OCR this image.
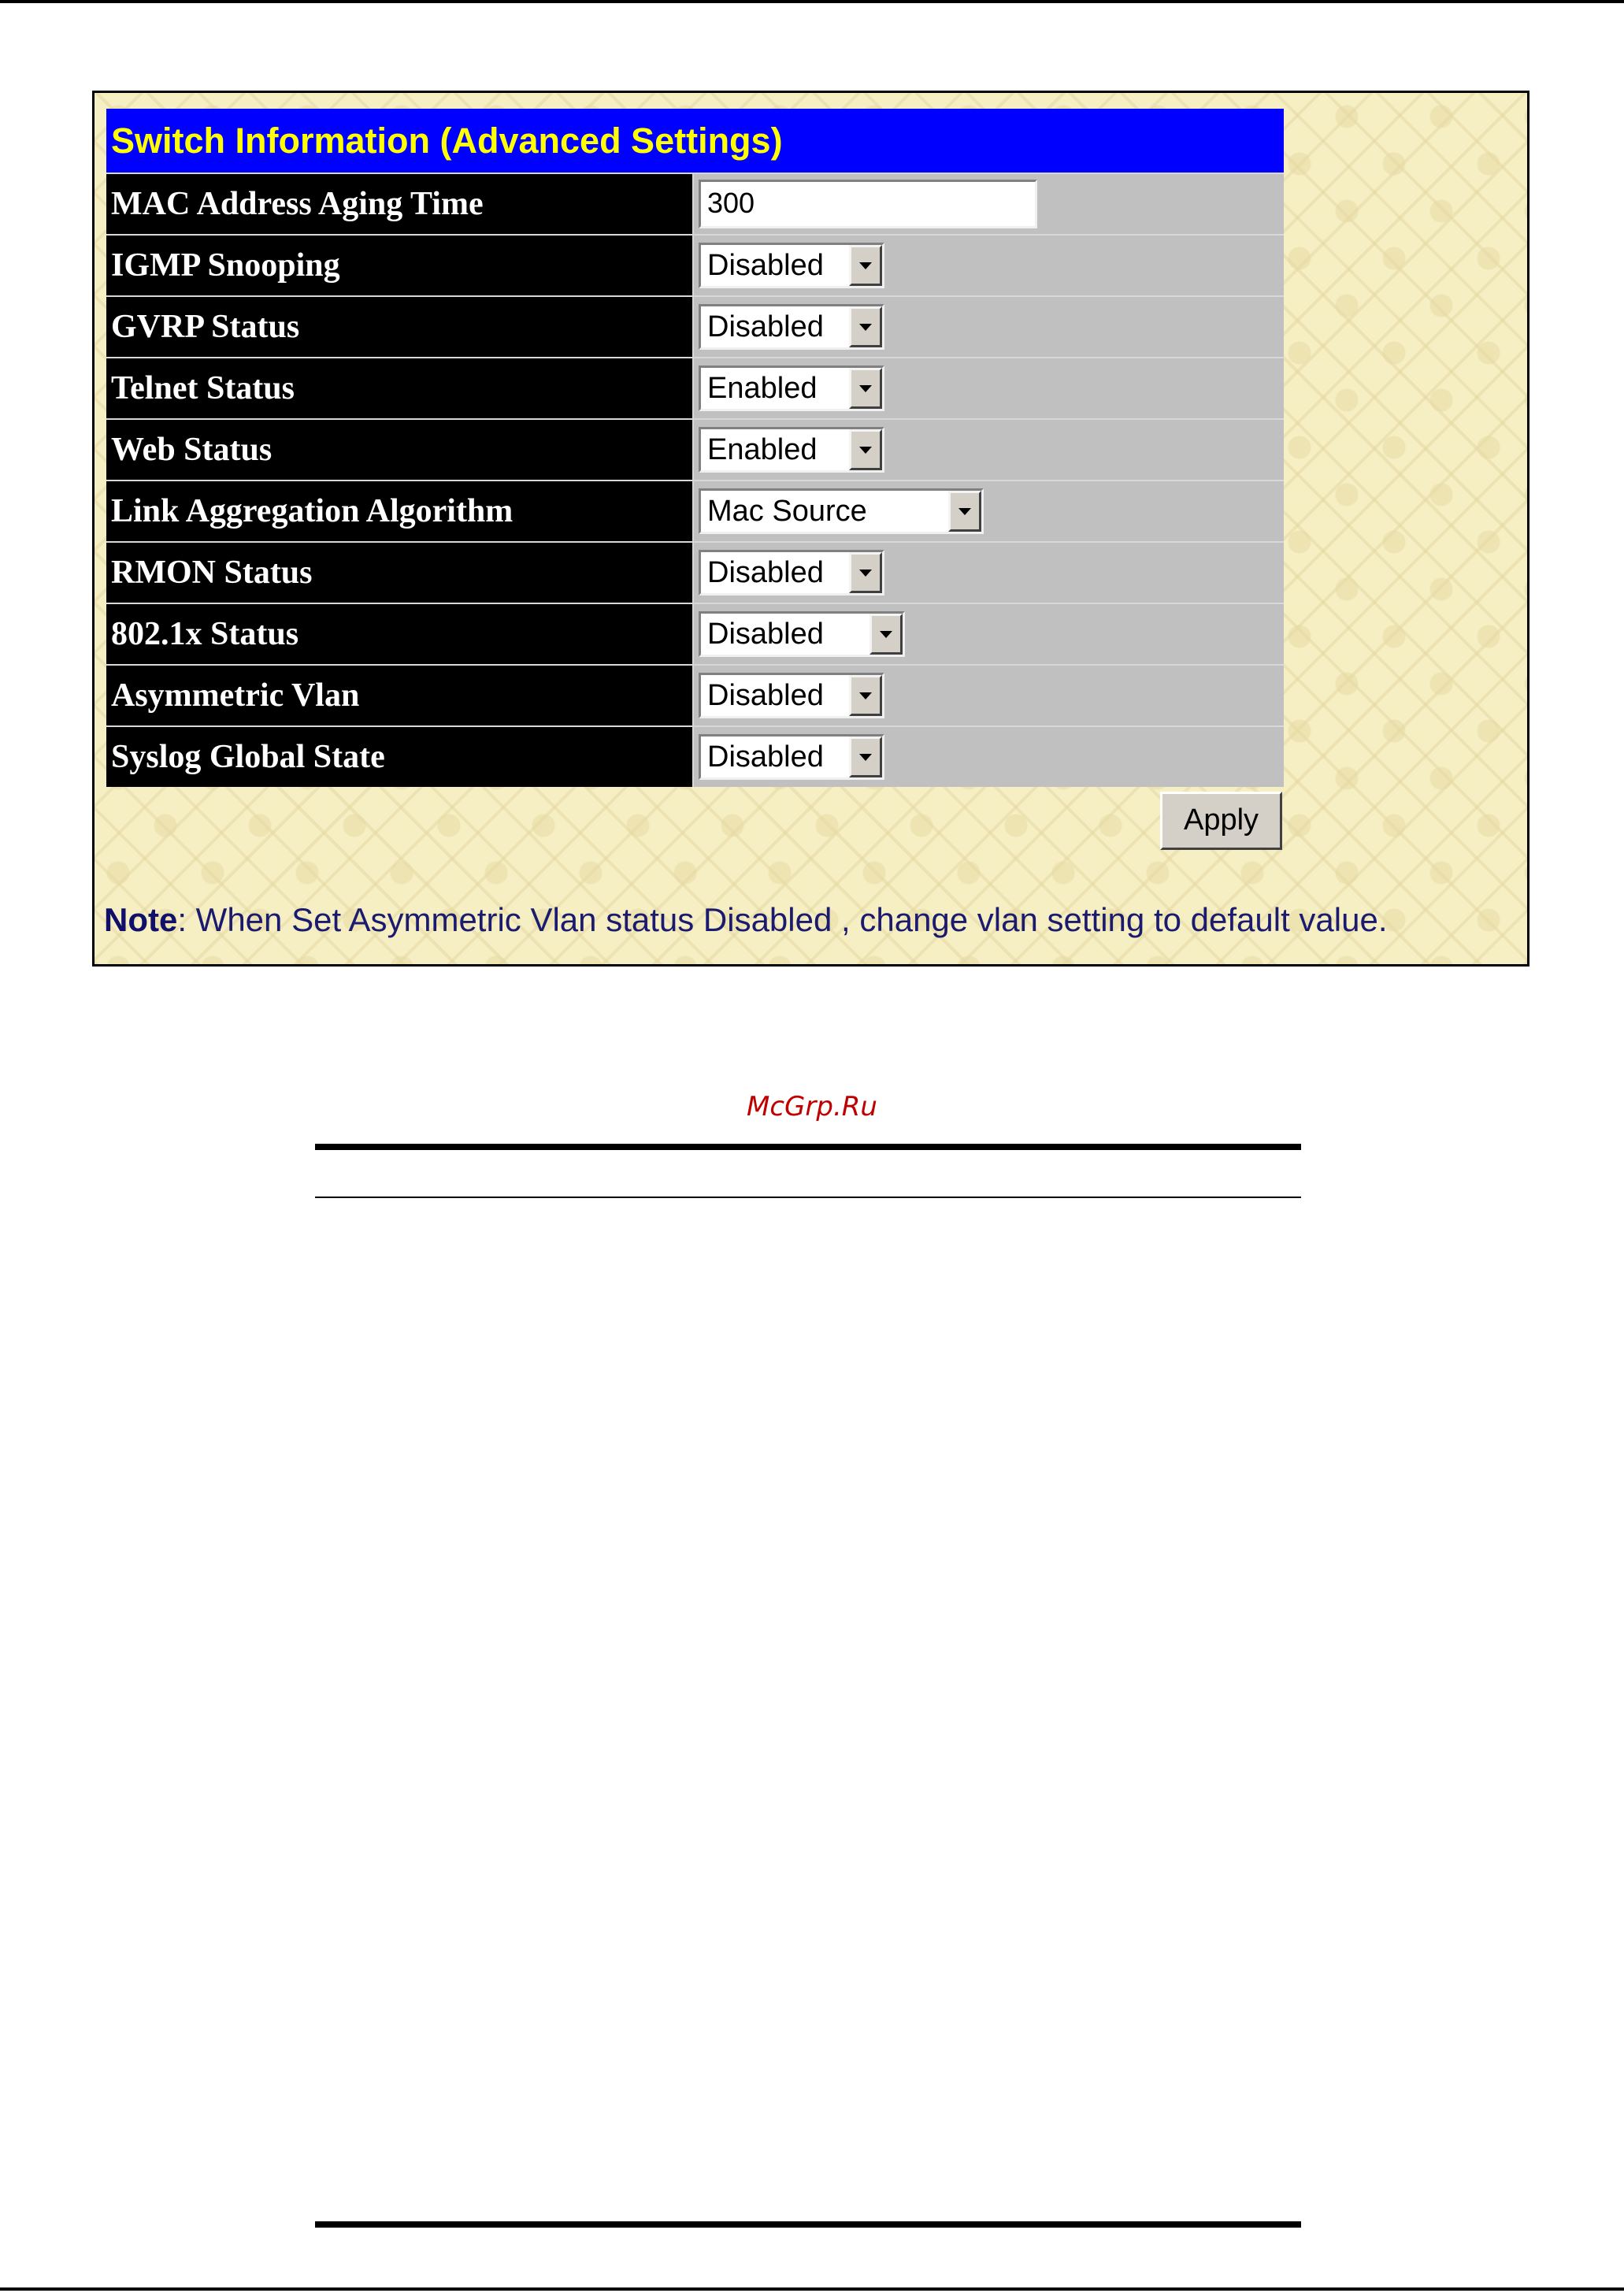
Switch Information (Advanced Settings)
MAC Address Aging Time	300
IGMP Snooping	Disabled
GVRP Status	Disabled
Telnet Status	Enabled
Web Status	Enabled
Link Aggregation Algorithm	Mac Source
RMON Status	Disabled
802.1x Status	Disabled
Asymmetric Vlan	Disabled
Syslog Global State	Disabled
Apply
Note: When Set Asymmetric Vlan status Disabled , change vlan setting to default value.
McGrp.Ru
